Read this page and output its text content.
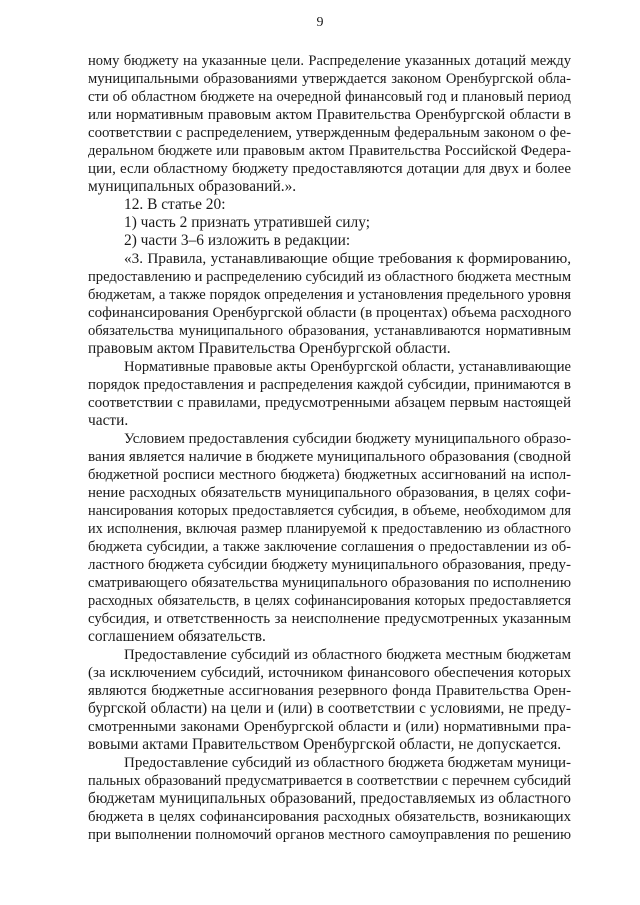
9
ному бюджету на указанные цели. Распределение указанных дотаций между
муниципальными образованиями утверждается законом Оренбургской обла-
сти об областном бюджете на очередной финансовый год и плановый период
или нормативным правовым актом Правительства Оренбургской области в
соответствии с распределением, утвержденным федеральным законом о фе-
деральном бюджете или правовым актом Правительства Российской Федера-
ции, если областному бюджету предоставляются дотации для двух и более
муниципальных образований.».
12. В статье 20:
1) часть 2 признать утратившей силу;
2) части 3–6 изложить в редакции:
«3. Правила, устанавливающие общие требования к формированию,
предоставлению и распределению субсидий из областного бюджета местным
бюджетам, а также порядок определения и установления предельного уровня
софинансирования Оренбургской области (в процентах) объема расходного
обязательства муниципального образования, устанавливаются нормативным
правовым актом Правительства Оренбургской области.
Нормативные правовые акты Оренбургской области, устанавливающие
порядок предоставления и распределения каждой субсидии, принимаются в
соответствии с правилами, предусмотренными абзацем первым настоящей
части.
Условием предоставления субсидии бюджету муниципального образо-
вания является наличие в бюджете муниципального образования (сводной
бюджетной росписи местного бюджета) бюджетных ассигнований на испол-
нение расходных обязательств муниципального образования, в целях софи-
нансирования которых предоставляется субсидия, в объеме, необходимом для
их исполнения, включая размер планируемой к предоставлению из областного
бюджета субсидии, а также заключение соглашения о предоставлении из об-
ластного бюджета субсидии бюджету муниципального образования, преду-
сматривающего обязательства муниципального образования по исполнению
расходных обязательств, в целях софинансирования которых предоставляется
субсидия, и ответственность за неисполнение предусмотренных указанным
соглашением обязательств.
Предоставление субсидий из областного бюджета местным бюджетам
(за исключением субсидий, источником финансового обеспечения которых
являются бюджетные ассигнования резервного фонда Правительства Орен-
бургской области) на цели и (или) в соответствии с условиями, не преду-
смотренными законами Оренбургской области и (или) нормативными пра-
вовыми актами Правительством Оренбургской области, не допускается.
Предоставление субсидий из областного бюджета бюджетам муници-
пальных образований предусматривается в соответствии с перечнем субсидий
бюджетам муниципальных образований, предоставляемых из областного
бюджета в целях софинансирования расходных обязательств, возникающих
при выполнении полномочий органов местного самоуправления по решению
